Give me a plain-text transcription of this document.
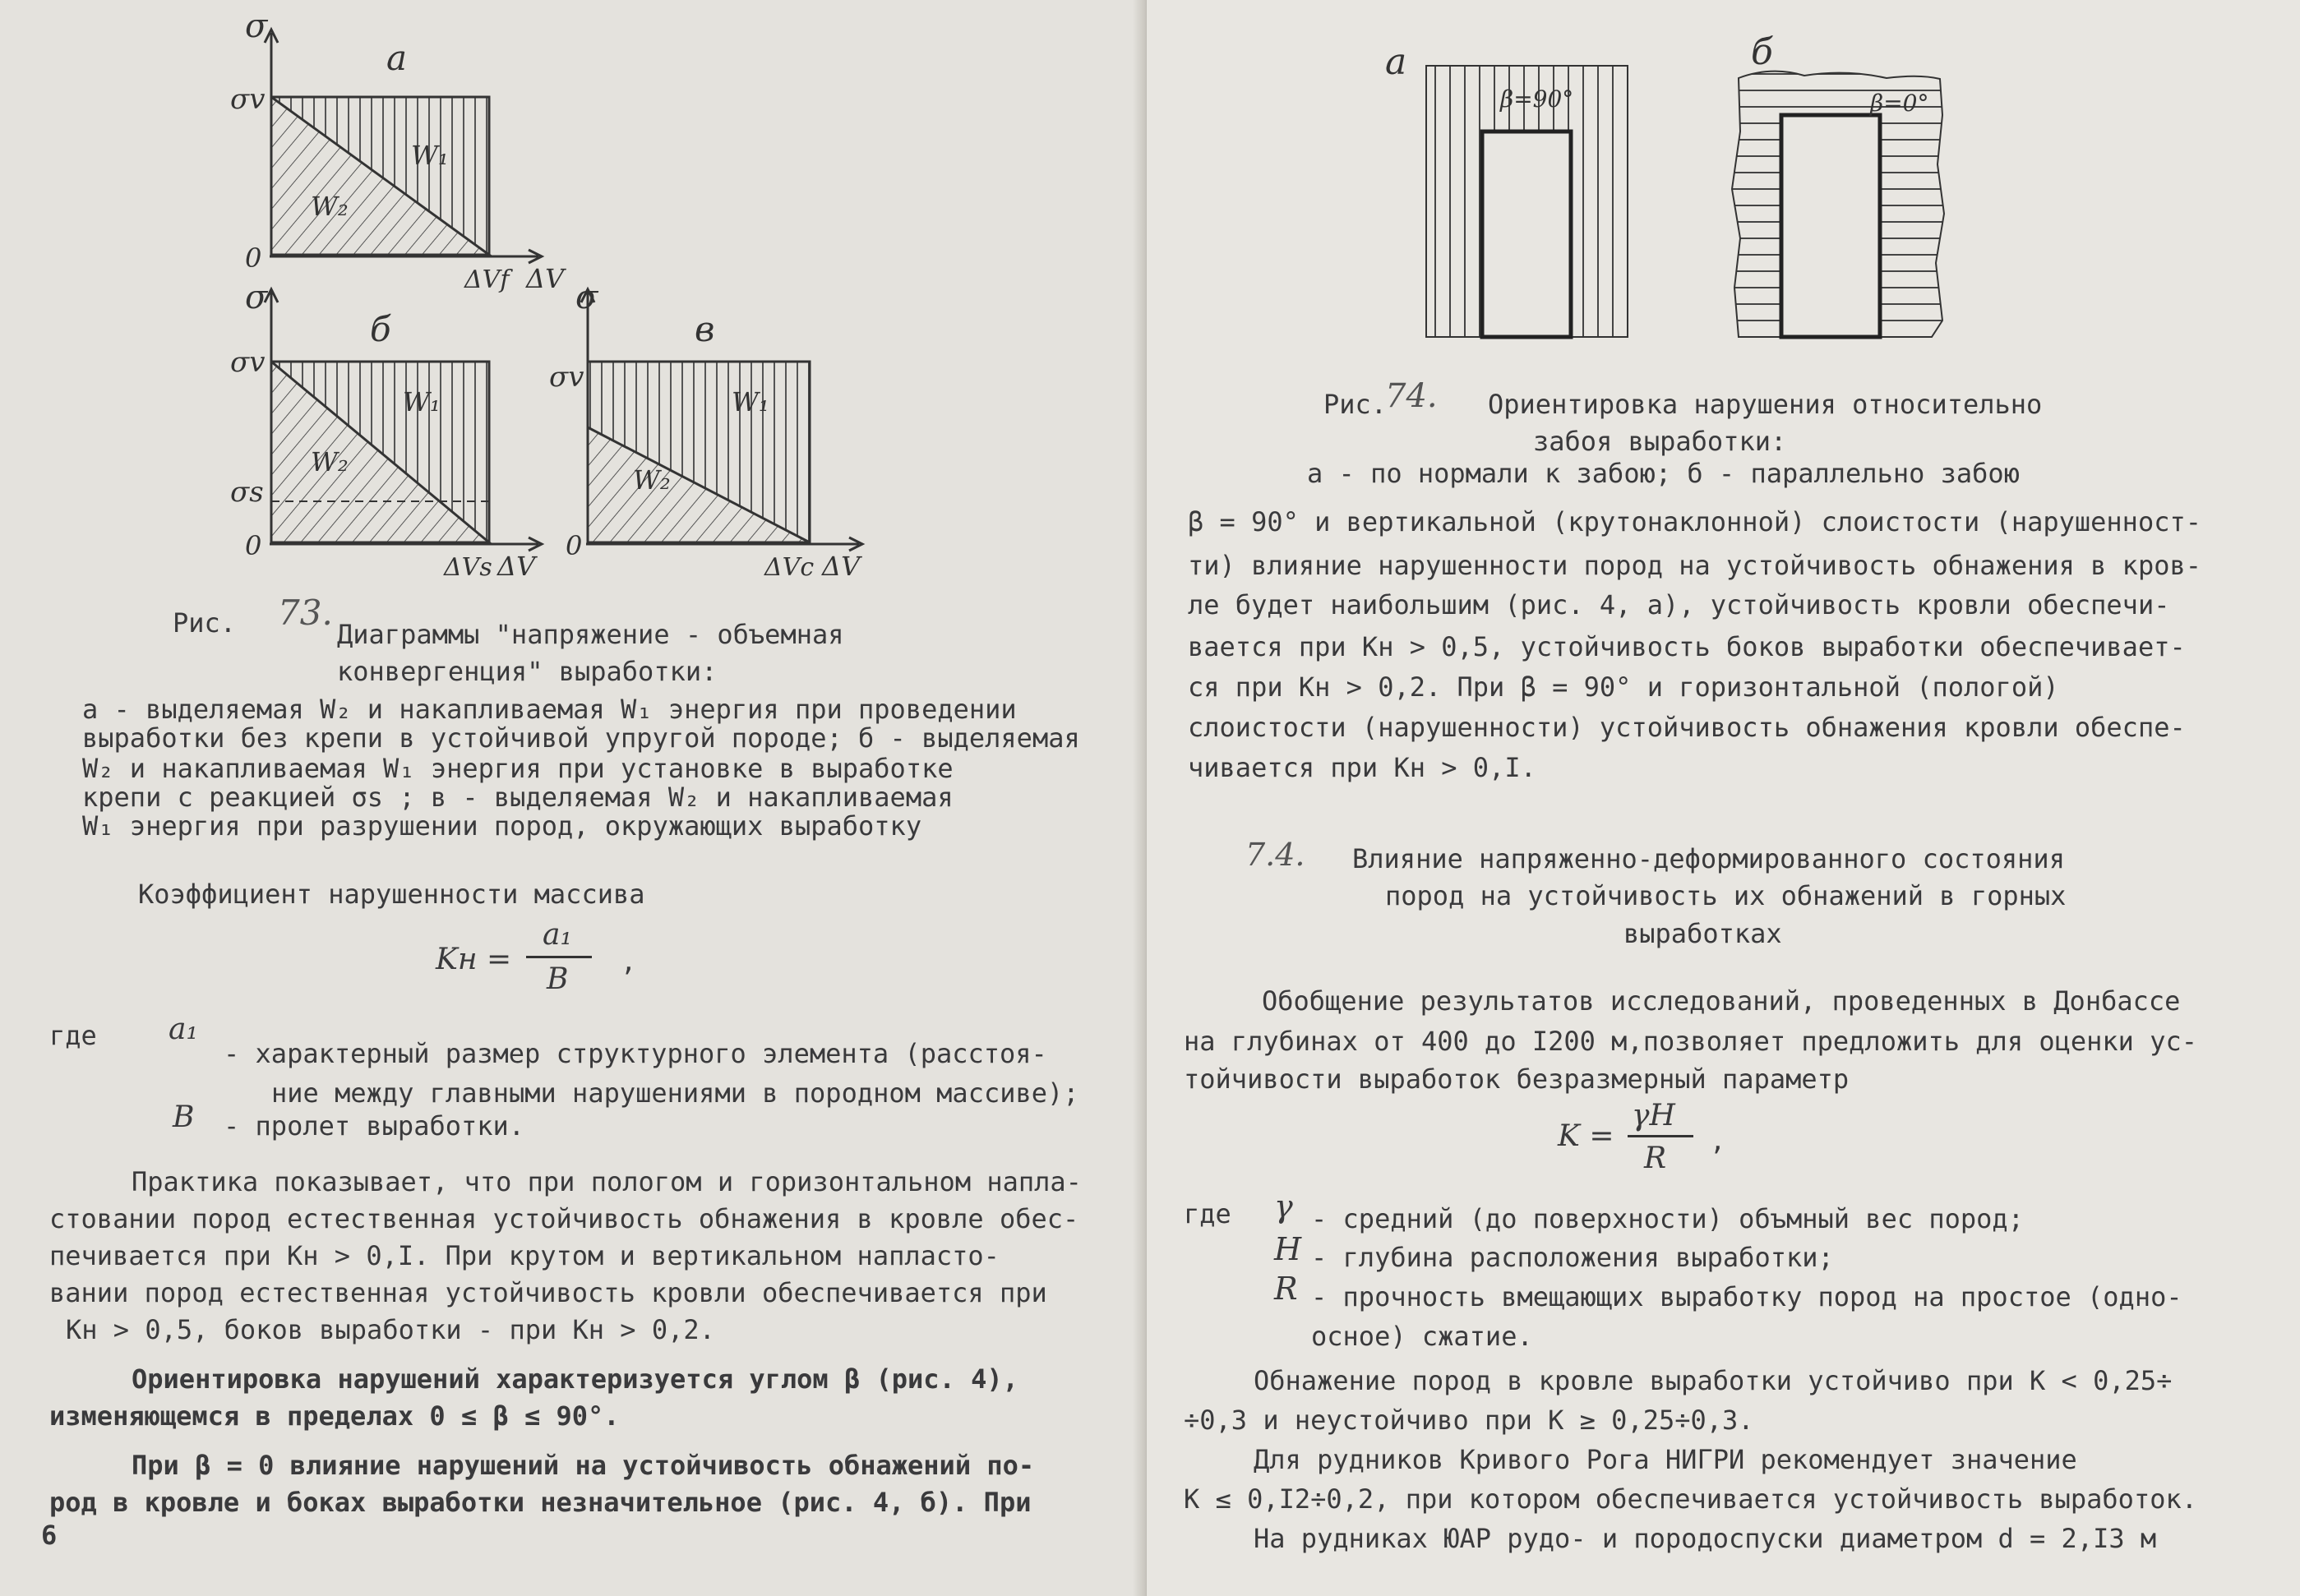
а
σ
σv
0
ΔVf ΔV
W₁
W₂
б
σ
σv
σs
0
ΔVs ΔV
W₁
W₂
в
σ
σv
0
ΔVc ΔV
W₁
W₂
Рис. 73.
Диаграммы "напряжение - объемная
конвергенция" выработки:
а - выделяемая W₂ и накапливаемая W₁ энергия при проведении
выработки без крепи в устойчивой упругой породе; б - выделяемая
W₂ и накапливаемая W₁ энергия при установке в выработке
крепи с реакцией σs ; в - выделяемая W₂ и накапливаемая
W₁ энергия при разрушении пород, окружающих выработку
Коэффициент нарушенности массива
Kн =
a₁
B
,
где a₁
- характерный размер структурного элемента (расстоя-
ние между главными нарушениями в породном массиве);
B - пролет выработки.
Практика показывает, что при пологом и горизонтальном напла-
стовании пород естественная устойчивость обнажения в кровле обес-
печивается при Kн > 0,I. При крутом и вертикальном напласто-
вании пород естественная устойчивость кровли обеспечивается при
Kн > 0,5, боков выработки - при Kн > 0,2.
Ориентировка нарушений характеризуется углом β (рис. 4),
изменяющемся в пределах 0 ≤ β ≤ 90°.
При β = 0 влияние нарушений на устойчивость обнажений по-
род в кровле и боках выработки незначительное (рис. 4, б). При
6
а
β=90°
б
β=0°
Рис.
74. Ориентировка нарушения относительно
забоя выработки:
а - по нормали к забою; б - параллельно забою
β = 90° и вертикальной (крутонаклонной) слоистости (нарушенност-
ти) влияние нарушенности пород на устойчивость обнажения в кров-
ле будет наибольшим (рис. 4, а), устойчивость кровли обеспечи-
вается при Kн > 0,5, устойчивость боков выработки обеспечивает-
ся при Kн > 0,2. При β = 90° и горизонтальной (пологой)
слоистости (нарушенности) устойчивость обнажения кровли обеспе-
чивается при Kн > 0,I.
7.4. Влияние напряженно-деформированного состояния
пород на устойчивость их обнажений в горных
выработках
Обобщение результатов исследований, проведенных в Донбассе
на глубинах от 400 до I200 м,позволяет предложить для оценки ус-
тойчивости выработок безразмерный параметр
K =
γH
R
,
где γ - средний (до поверхности) объмный вес пород;
H - глубина расположения выработки;
R - прочность вмещающих выработку пород на простое (одно-
осное) сжатие.
Обнажение пород в кровле выработки устойчиво при K < 0,25÷
÷0,3 и неустойчиво при K ≥ 0,25÷0,3.
Для рудников Кривого Рога НИГРИ рекомендует значение
K ≤ 0,I2÷0,2, при котором обеспечивается устойчивость выработок.
На рудниках ЮАР рудо- и породоспуски диаметром d = 2,I3 м
